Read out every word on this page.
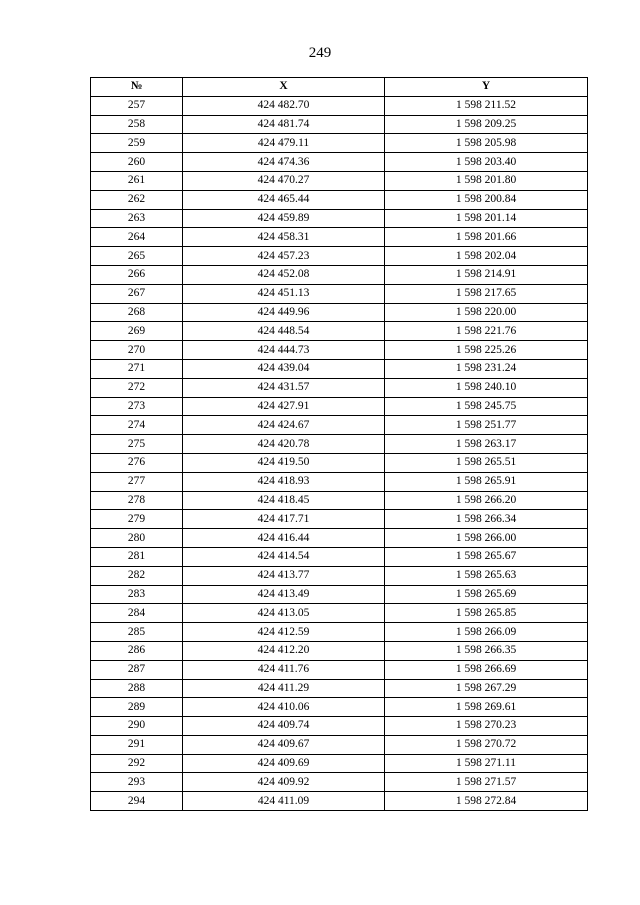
249
№	X	Y
257	424 482.70	1 598 211.52
258	424 481.74	1 598 209.25
259	424 479.11	1 598 205.98
260	424 474.36	1 598 203.40
261	424 470.27	1 598 201.80
262	424 465.44	1 598 200.84
263	424 459.89	1 598 201.14
264	424 458.31	1 598 201.66
265	424 457.23	1 598 202.04
266	424 452.08	1 598 214.91
267	424 451.13	1 598 217.65
268	424 449.96	1 598 220.00
269	424 448.54	1 598 221.76
270	424 444.73	1 598 225.26
271	424 439.04	1 598 231.24
272	424 431.57	1 598 240.10
273	424 427.91	1 598 245.75
274	424 424.67	1 598 251.77
275	424 420.78	1 598 263.17
276	424 419.50	1 598 265.51
277	424 418.93	1 598 265.91
278	424 418.45	1 598 266.20
279	424 417.71	1 598 266.34
280	424 416.44	1 598 266.00
281	424 414.54	1 598 265.67
282	424 413.77	1 598 265.63
283	424 413.49	1 598 265.69
284	424 413.05	1 598 265.85
285	424 412.59	1 598 266.09
286	424 412.20	1 598 266.35
287	424 411.76	1 598 266.69
288	424 411.29	1 598 267.29
289	424 410.06	1 598 269.61
290	424 409.74	1 598 270.23
291	424 409.67	1 598 270.72
292	424 409.69	1 598 271.11
293	424 409.92	1 598 271.57
294	424 411.09	1 598 272.84
